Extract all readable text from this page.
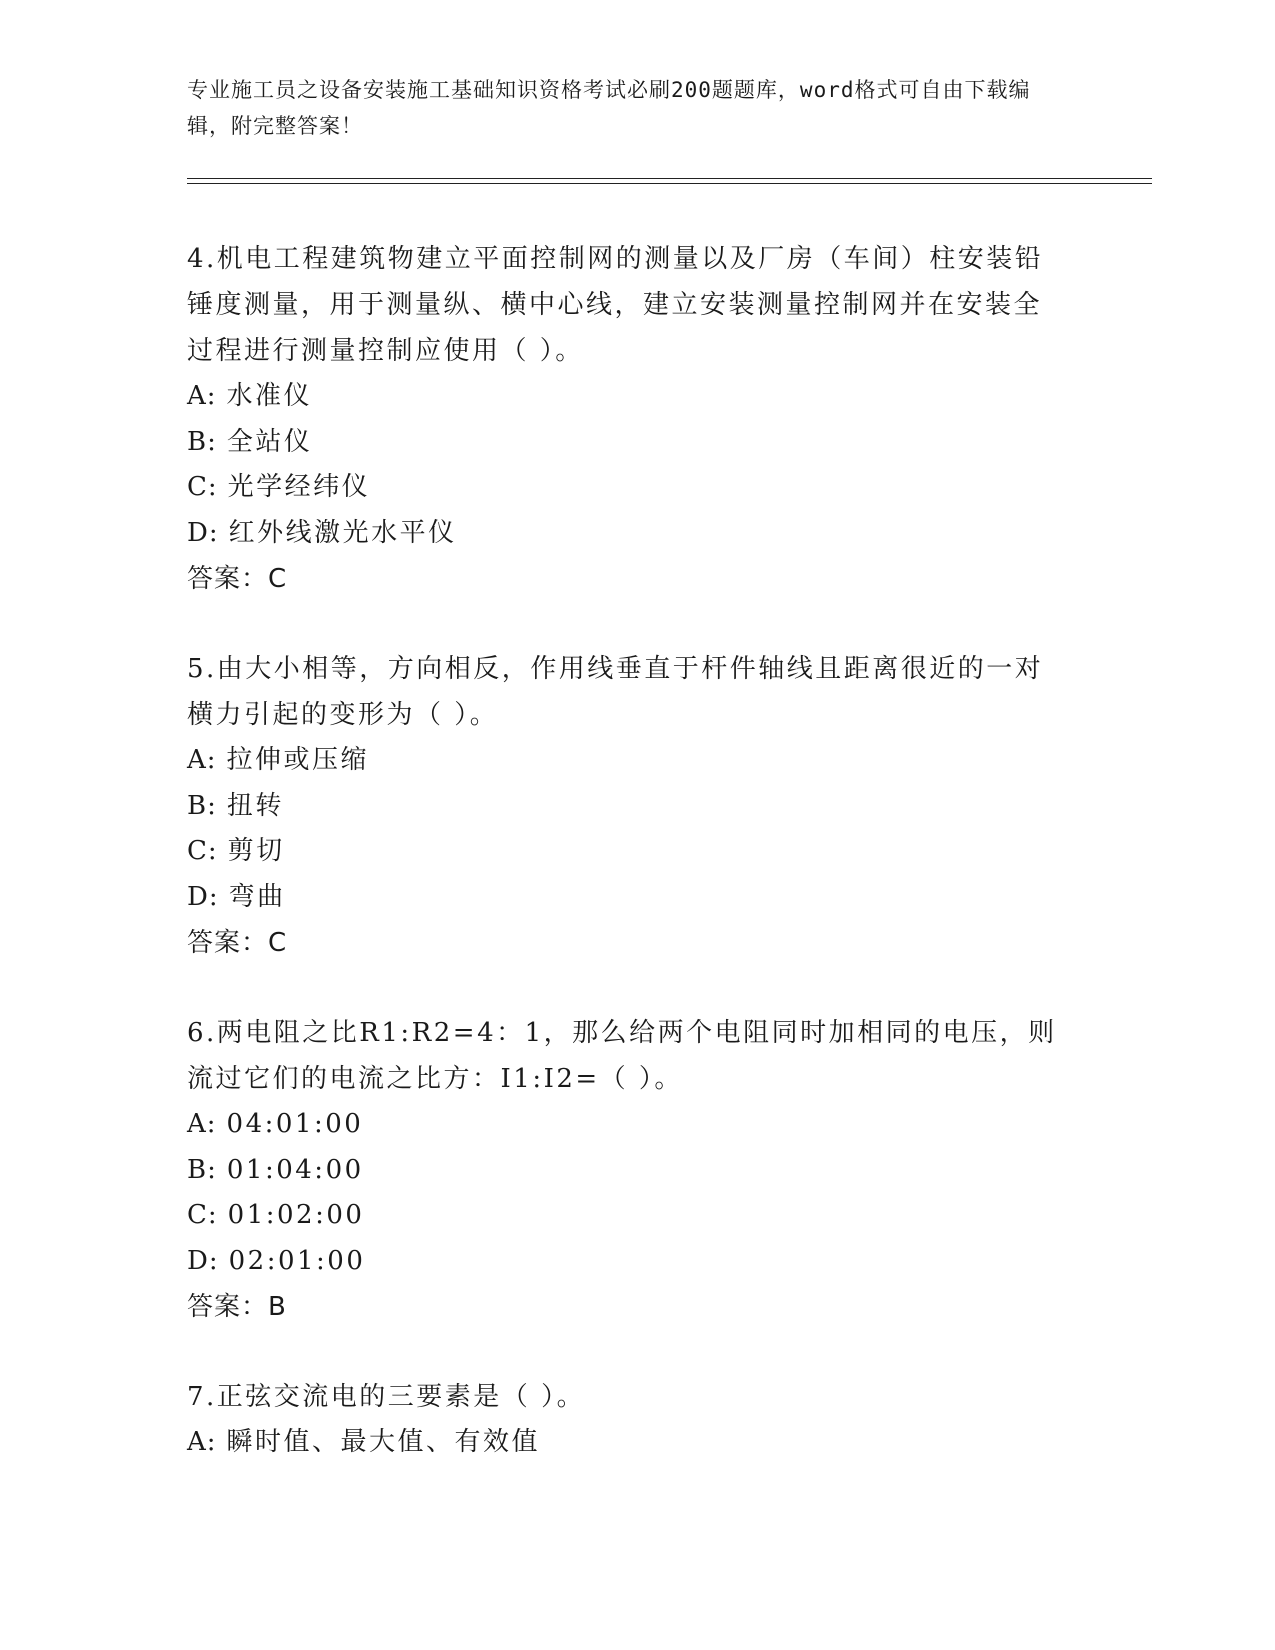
专业施工员之设备安装施工基础知识资格考试必刷200题题库，word格式可自由下载编辑，附完整答案！

4.机电工程建筑物建立平面控制网的测量以及厂房（车间）柱安装铅锤度测量，用于测量纵、横中心线，建立安装测量控制网并在安装全过程进行测量控制应使用（ ）。

A: 水准仪

B: 全站仪

C: 光学经纬仪

D: 红外线激光水平仪

答案：C

5.由大小相等，方向相反，作用线垂直于杆件轴线且距离很近的一对横力引起的变形为（ ）。

A: 拉伸或压缩

B: 扭转

C: 剪切

D: 弯曲

答案：C

6.两电阻之比R1:R2=4：1，那么给两个电阻同时加相同的电压，则流过它们的电流之比方：I1:I2=（ ）。

A: 04:01:00

B: 01:04:00

C: 01:02:00

D: 02:01:00

答案：B

7.正弦交流电的三要素是（ ）。

A: 瞬时值、最大值、有效值
